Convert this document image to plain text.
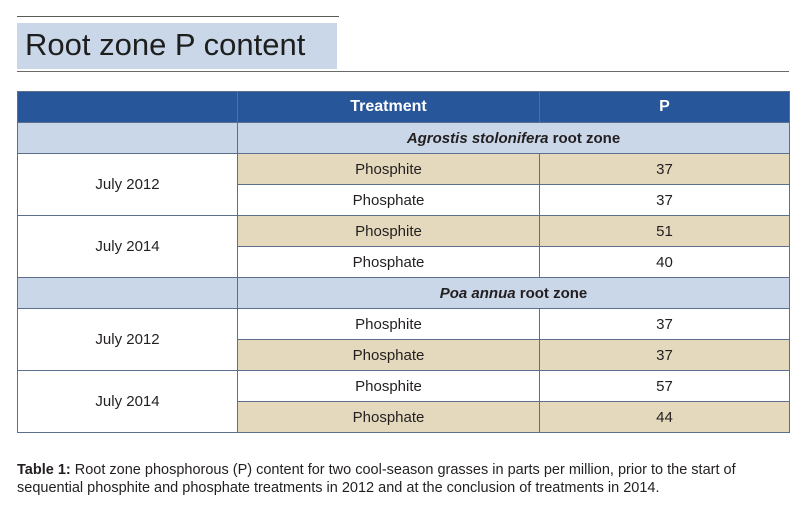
Root zone P content
	Treatment	P
	Agrostis stolonifera root zone	
July 2012	Phosphite	37
	Phosphate	37
July 2014	Phosphite	51
	Phosphate	40
	Poa annua root zone	
July 2012	Phosphite	37
	Phosphate	37
July 2014	Phosphite	57
	Phosphate	44
Table 1: Root zone phosphorous (P) content for two cool-season grasses in parts per million, prior to the start of sequential phosphite and phosphate treatments in 2012 and at the conclusion of treatments in 2014.
